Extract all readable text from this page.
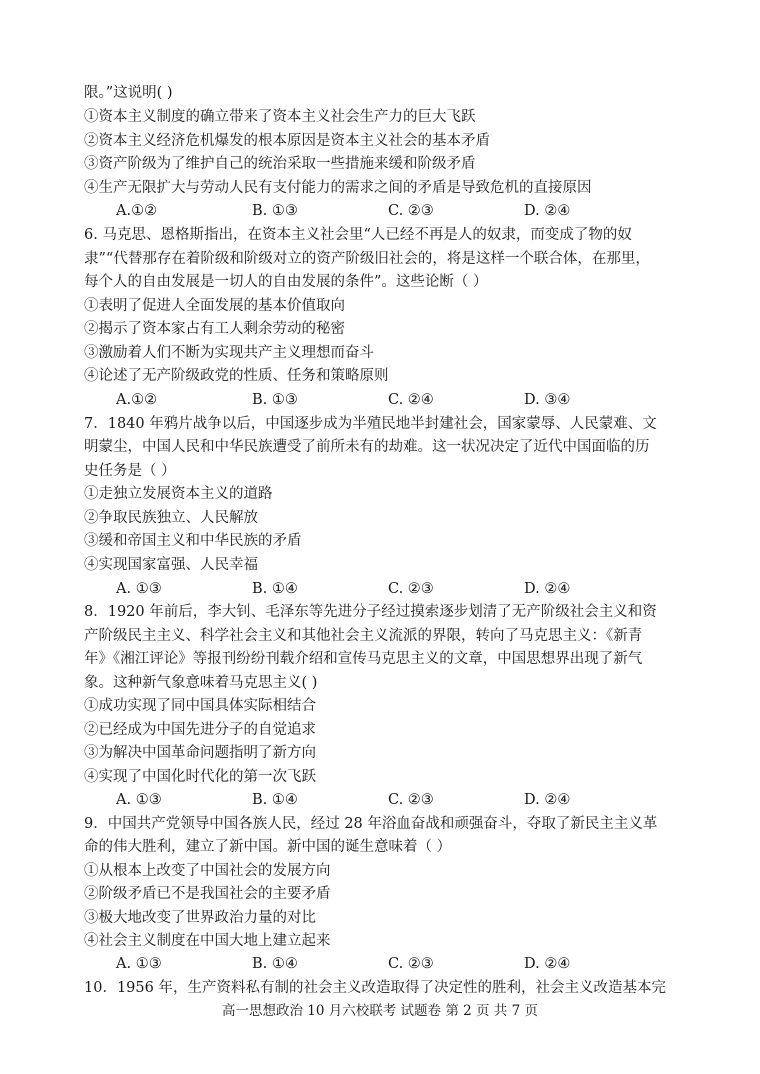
限。”这说明( )
①资本主义制度的确立带来了资本主义社会生产力的巨大飞跃
②资本主义经济危机爆发的根本原因是资本主义社会的基本矛盾
③资产阶级为了维护自己的统治采取一些措施来缓和阶级矛盾
④生产无限扩大与劳动人民有支付能力的需求之间的矛盾是导致危机的直接原因
A.①②	B. ①③	C. ②③	D. ②④
6. 马克思、恩格斯指出，在资本主义社会里“人已经不再是人的奴隶，而变成了物的奴
隶”“代替那存在着阶级和阶级对立的资产阶级旧社会的，将是这样一个联合体，在那里，
每个人的自由发展是一切人的自由发展的条件”。这些论断（ ）
①表明了促进人全面发展的基本价值取向
②揭示了资本家占有工人剩余劳动的秘密
③激励着人们不断为实现共产主义理想而奋斗
④论述了无产阶级政党的性质、任务和策略原则
A.①②	B. ①③	C. ②④	D. ③④
7．1840 年鸦片战争以后，中国逐步成为半殖民地半封建社会，国家蒙辱、人民蒙难、文
明蒙尘，中国人民和中华民族遭受了前所未有的劫难。这一状况决定了近代中国面临的历
史任务是（ ）
①走独立发展资本主义的道路
②争取民族独立、人民解放
③缓和帝国主义和中华民族的矛盾
④实现国家富强、人民幸福
A. ①③	B. ①④	C. ②③	D. ②④
8．1920 年前后，李大钊、毛泽东等先进分子经过摸索逐步划清了无产阶级社会主义和资
产阶级民主主义、科学社会主义和其他社会主义流派的界限，转向了马克思主义：《新青
年》《湘江评论》等报刊纷纷刊载介绍和宣传马克思主义的文章，中国思想界出现了新气
象。这种新气象意味着马克思主义( )
①成功实现了同中国具体实际相结合
②已经成为中国先进分子的自觉追求
③为解决中国革命问题指明了新方向
④实现了中国化时代化的第一次飞跃
A. ①③	B. ①④	C. ②③	D. ②④
9．中国共产党领导中国各族人民，经过 28 年浴血奋战和顽强奋斗，夺取了新民主主义革
命的伟大胜利，建立了新中国。新中国的诞生意味着（ ）
①从根本上改变了中国社会的发展方向
②阶级矛盾已不是我国社会的主要矛盾
③极大地改变了世界政治力量的对比
④社会主义制度在中国大地上建立起来
A. ①③	B. ①④	C. ②③	D. ②④
10．1956 年，生产资料私有制的社会主义改造取得了决定性的胜利，社会主义改造基本完
高一思想政治 10 月六校联考 试题卷 第 2 页 共 7 页
